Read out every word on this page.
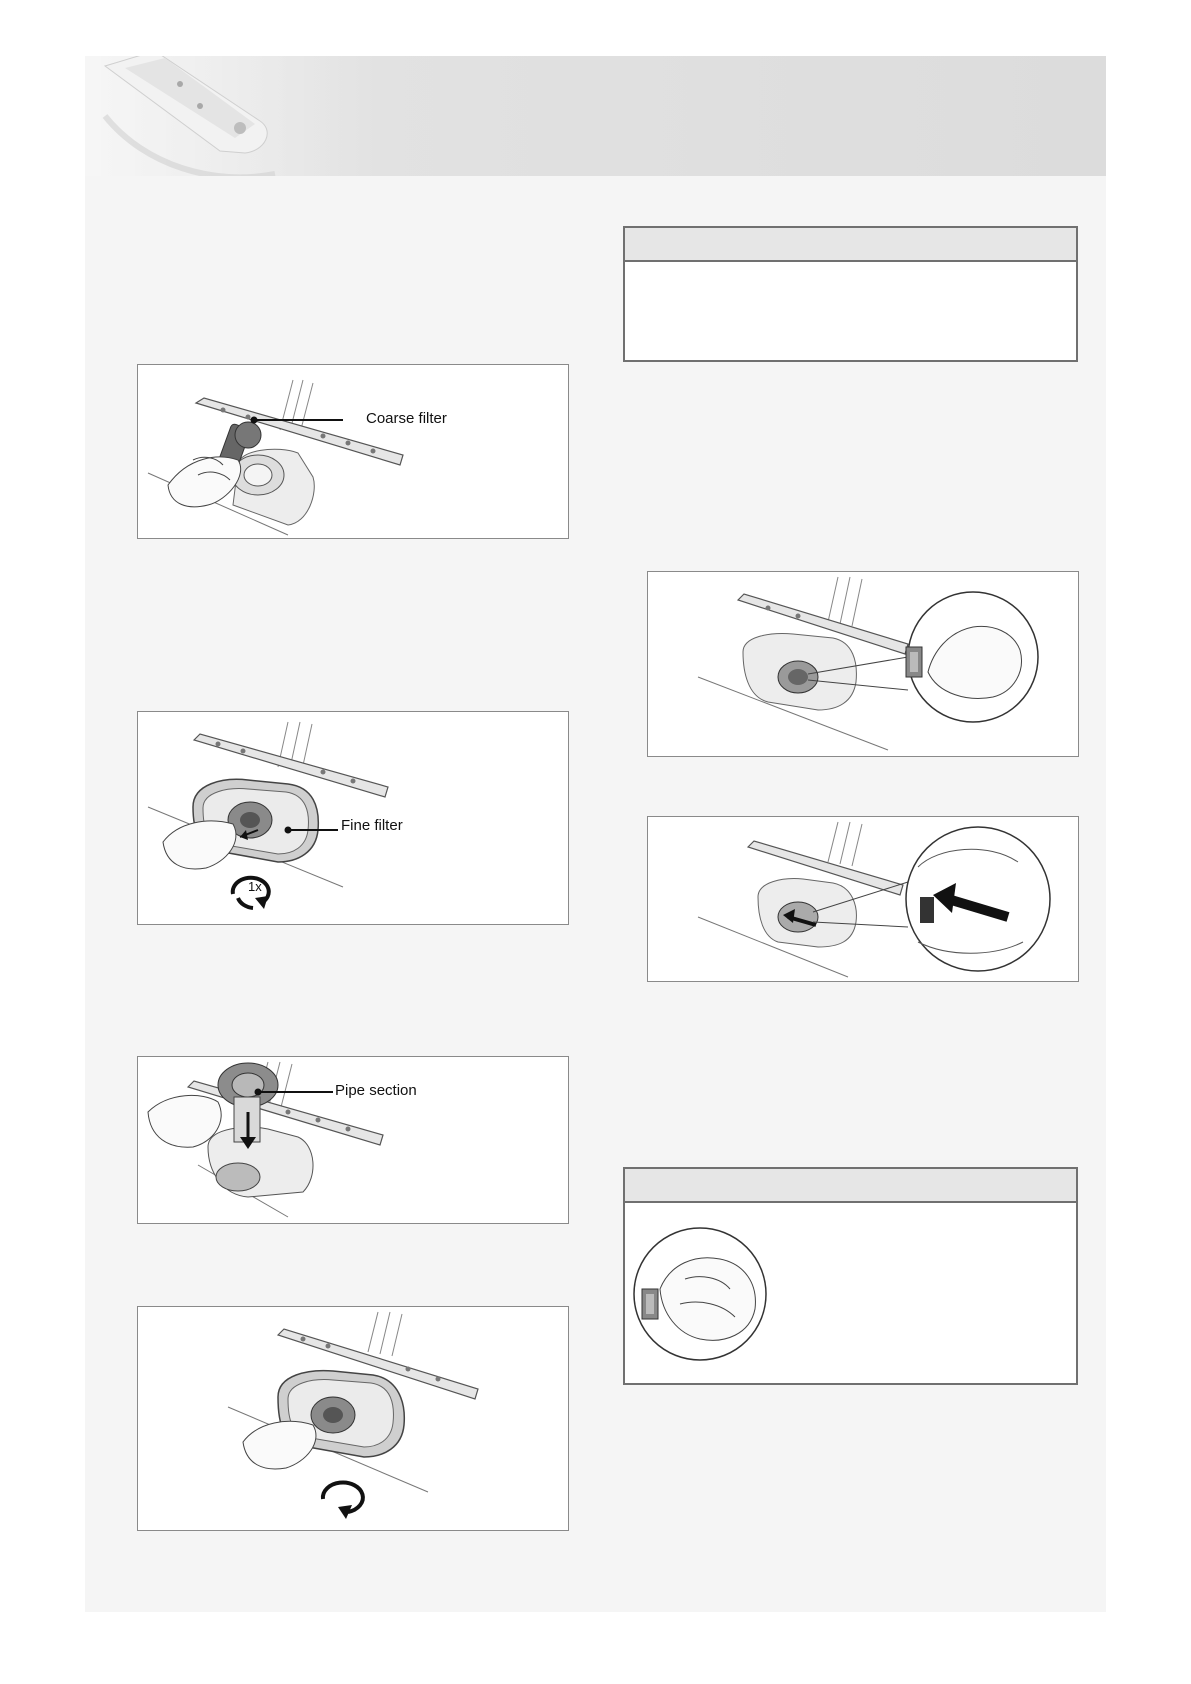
Coarse filter
Fine filter
1x
Pipe section
